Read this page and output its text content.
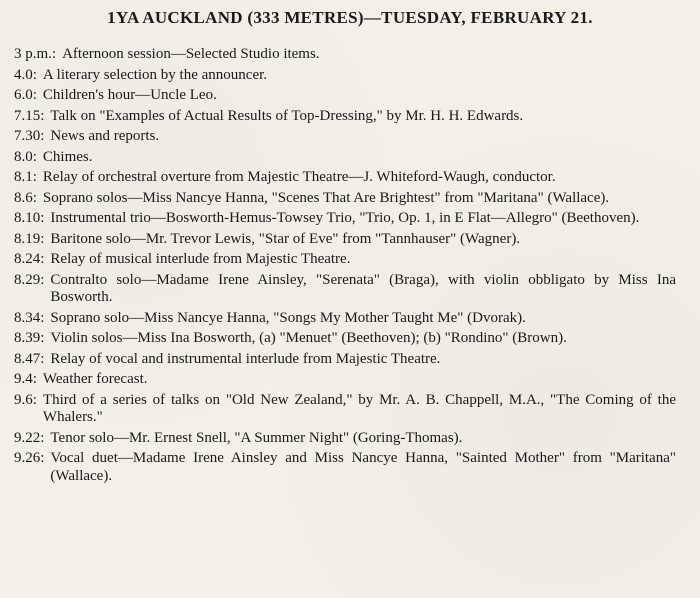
1YA AUCKLAND (333 METRES)—TUESDAY, FEBRUARY 21.
3 p.m.: Afternoon session—Selected Studio items.
4.0: A literary selection by the announcer.
6.0: Children's hour—Uncle Leo.
7.15: Talk on "Examples of Actual Results of Top-Dressing," by Mr. H. H. Edwards.
7.30: News and reports.
8.0: Chimes.
8.1: Relay of orchestral overture from Majestic Theatre—J. Whiteford-Waugh, conductor.
8.6: Soprano solos—Miss Nancye Hanna, "Scenes That Are Brightest" from "Maritana" (Wallace).
8.10: Instrumental trio—Bosworth-Hemus-Towsey Trio, "Trio, Op. 1, in E Flat—Allegro" (Beethoven).
8.19: Baritone solo—Mr. Trevor Lewis, "Star of Eve" from "Tannhauser" (Wagner).
8.24: Relay of musical interlude from Majestic Theatre.
8.29: Contralto solo—Madame Irene Ainsley, "Serenata" (Braga), with violin obbligato by Miss Ina Bosworth.
8.34: Soprano solo—Miss Nancye Hanna, "Songs My Mother Taught Me" (Dvorak).
8.39: Violin solos—Miss Ina Bosworth, (a) "Menuet" (Beethoven); (b) "Rondino" (Brown).
8.47: Relay of vocal and instrumental interlude from Majestic Theatre.
9.4: Weather forecast.
9.6: Third of a series of talks on "Old New Zealand," by Mr. A. B. Chappell, M.A., "The Coming of the Whalers."
9.22: Tenor solo—Mr. Ernest Snell, "A Summer Night" (Goring-Thomas).
9.26: Vocal duet—Madame Irene Ainsley and Miss Nancye Hanna, "Sainted Mother" from "Maritana" (Wallace).
